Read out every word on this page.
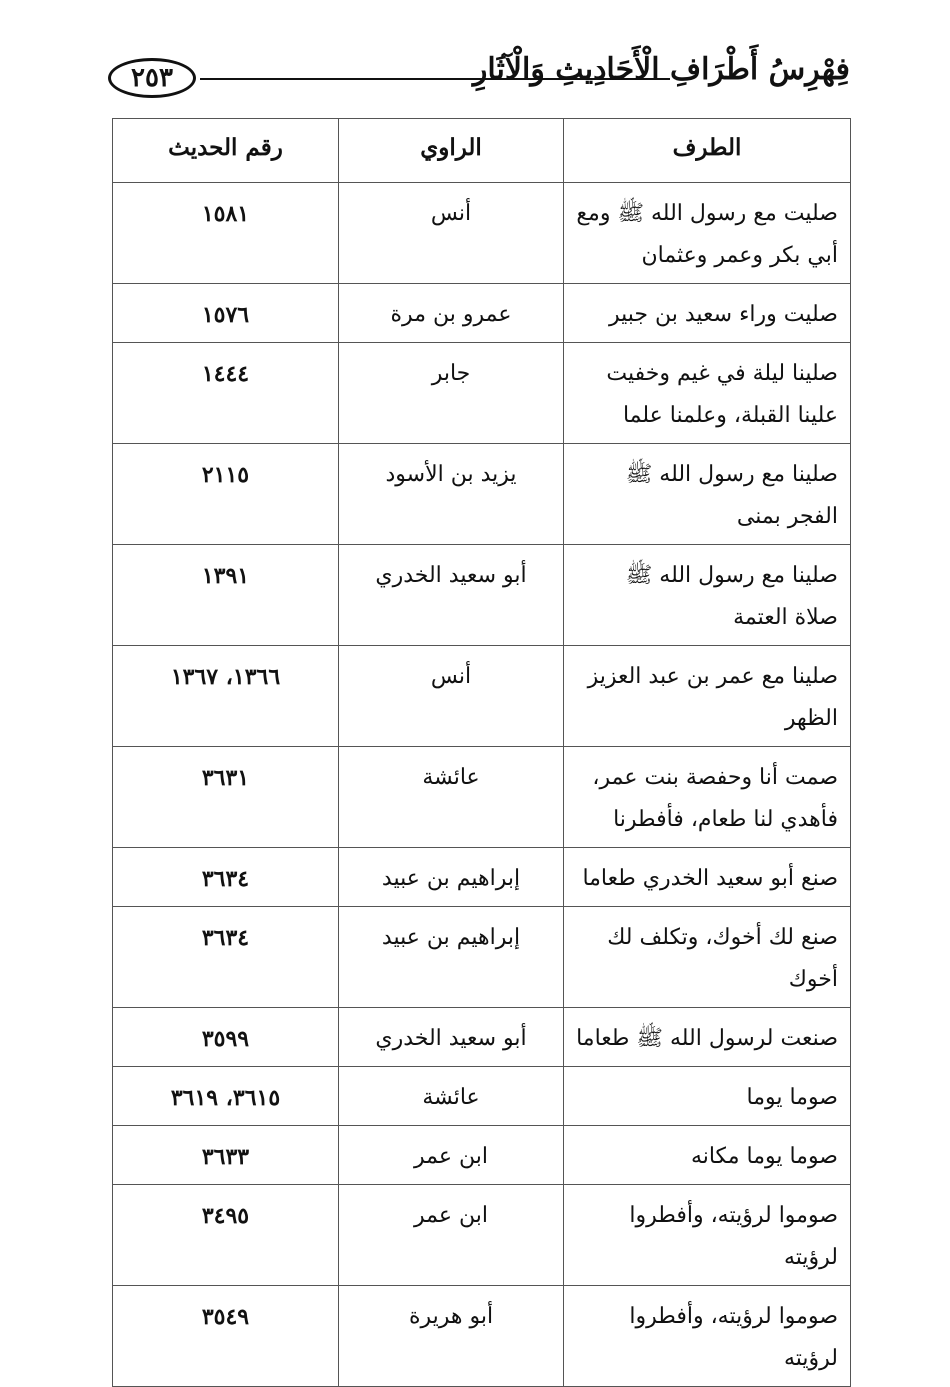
٢٥٣	فِهْرِسُ أَطْرَافِ الْأَحَادِيثِ وَالْآثَارِ
الطرف	الراوي	رقم الحديث
صليت مع رسول الله ﷺ ومع أبي بكر وعمر وعثمان	أنس	١٥٨١
صليت وراء سعيد بن جبير	عمرو بن مرة	١٥٧٦
صلينا ليلة في غيم وخفيت علينا القبلة، وعلمنا علما	جابر	١٤٤٤
صلينا مع رسول الله ﷺ الفجر بمنى	يزيد بن الأسود	٢١١٥
صلينا مع رسول الله ﷺ صلاة العتمة	أبو سعيد الخدري	١٣٩١
صلينا مع عمر بن عبد العزيز الظهر	أنس	١٣٦٦، ١٣٦٧
صمت أنا وحفصة بنت عمر، فأهدي لنا طعام، فأفطرنا	عائشة	٣٦٣١
صنع أبو سعيد الخدري طعاما	إبراهيم بن عبيد	٣٦٣٤
صنع لك أخوك، وتكلف لك أخوك	إبراهيم بن عبيد	٣٦٣٤
صنعت لرسول الله ﷺ طعاما	أبو سعيد الخدري	٣٥٩٩
صوما يوما	عائشة	٣٦١٥، ٣٦١٩
صوما يوما مكانه	ابن عمر	٣٦٣٣
صوموا لرؤيته، وأفطروا لرؤيته	ابن عمر	٣٤٩٥
صوموا لرؤيته، وأفطروا لرؤيته	أبو هريرة	٣٥٤٩
